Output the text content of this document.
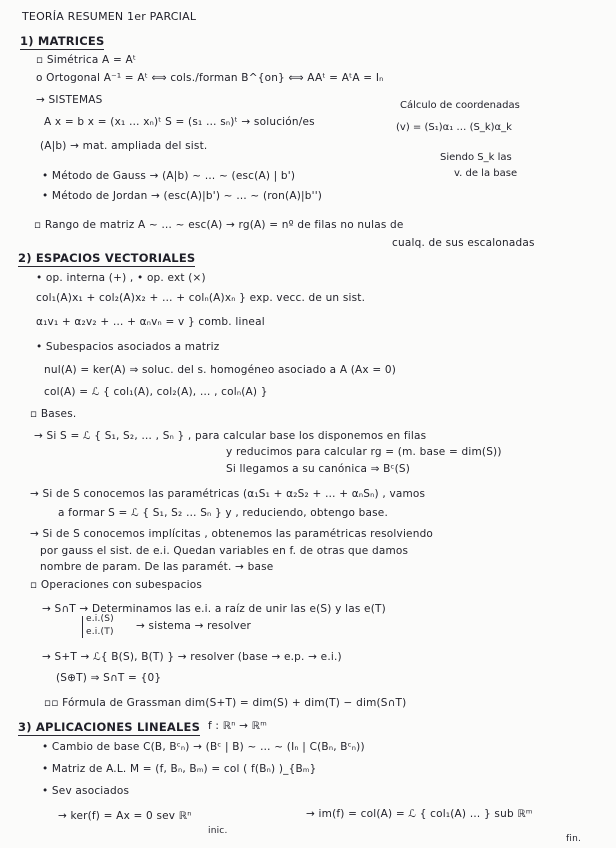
TEORÍA RESUMEN 1er PARCIAL
1) MATRICES
▫ Simétrica A = Aᵗ
o Ortogonal A⁻¹ = Aᵗ ⟺ cols./forman B^{on} ⟺ AAᵗ = AᵗA = Iₙ
→ SISTEMAS
A x = b x = (x₁ … xₙ)ᵗ S = (s₁ … sₙ)ᵗ → solución/es
(A|b) → mat. ampliada del sist.
Cálculo de coordenadas
(v) = (S₁)α₁ … (S_k)α_k
Siendo S_k las
v. de la base
• Método de Gauss → (A|b) ~ … ~ (esc(A) | b')
• Método de Jordan → (esc(A)|b') ~ … ~ (ron(A)|b'')
▫ Rango de matriz A ~ … ~ esc(A) → rg(A) = nº de filas no nulas de
cualq. de sus escalonadas
2) ESPACIOS VECTORIALES
• op. interna (+) , • op. ext (×)
col₁(A)x₁ + col₂(A)x₂ + … + colₙ(A)xₙ } exp. vecc. de un sist.
α₁v₁ + α₂v₂ + … + αₙvₙ = v } comb. lineal
• Subespacios asociados a matriz
nul(A) = ker(A) ⇒ soluc. del s. homogéneo asociado a A (Ax = 0)
col(A) = ℒ { col₁(A), col₂(A), … , colₙ(A) }
▫ Bases.
→ Si S = ℒ { S₁, S₂, … , Sₙ } , para calcular base los disponemos en filas
y reducimos para calcular rg = (m. base = dim(S))
Si llegamos a su canónica ⇒ Bᶜ(S)
→ Si de S conocemos las paramétricas (α₁S₁ + α₂S₂ + … + αₙSₙ) , vamos
a formar S = ℒ { S₁, S₂ … Sₙ } y , reduciendo, obtengo base.
→ Si de S conocemos implícitas , obtenemos las paramétricas resolviendo
por gauss el sist. de e.i. Quedan variables en f. de otras que damos
nombre de param. De las paramét. → base
▫ Operaciones con subespacios
→ S∩T → Determinamos las e.i. a raíz de unir las e(S) y las e(T)
e.i.(S)
e.i.(T) → sistema → resolver
→ S+T → ℒ{ B(S), B(T) } → resolver (base → e.p. → e.i.)
(S⊕T) ⇒ S∩T = {0}
▫▫ Fórmula de Grassman dim(S+T) = dim(S) + dim(T) − dim(S∩T)
3) APLICACIONES LINEALES f : ℝⁿ → ℝᵐ
• Cambio de base C(B, Bᶜₙ) → (Bᶜ | B) ~ … ~ (Iₙ | C(Bₙ, Bᶜₙ))
• Matriz de A.L. M = (f, Bₙ, Bₘ) = col ( f(Bₙ) )_{Bₘ}
• Sev asociados
→ ker(f) = Ax = 0 sev ℝⁿ
inic.
→ im(f) = col(A) = ℒ { col₁(A) … } sub ℝᵐ
fin.
